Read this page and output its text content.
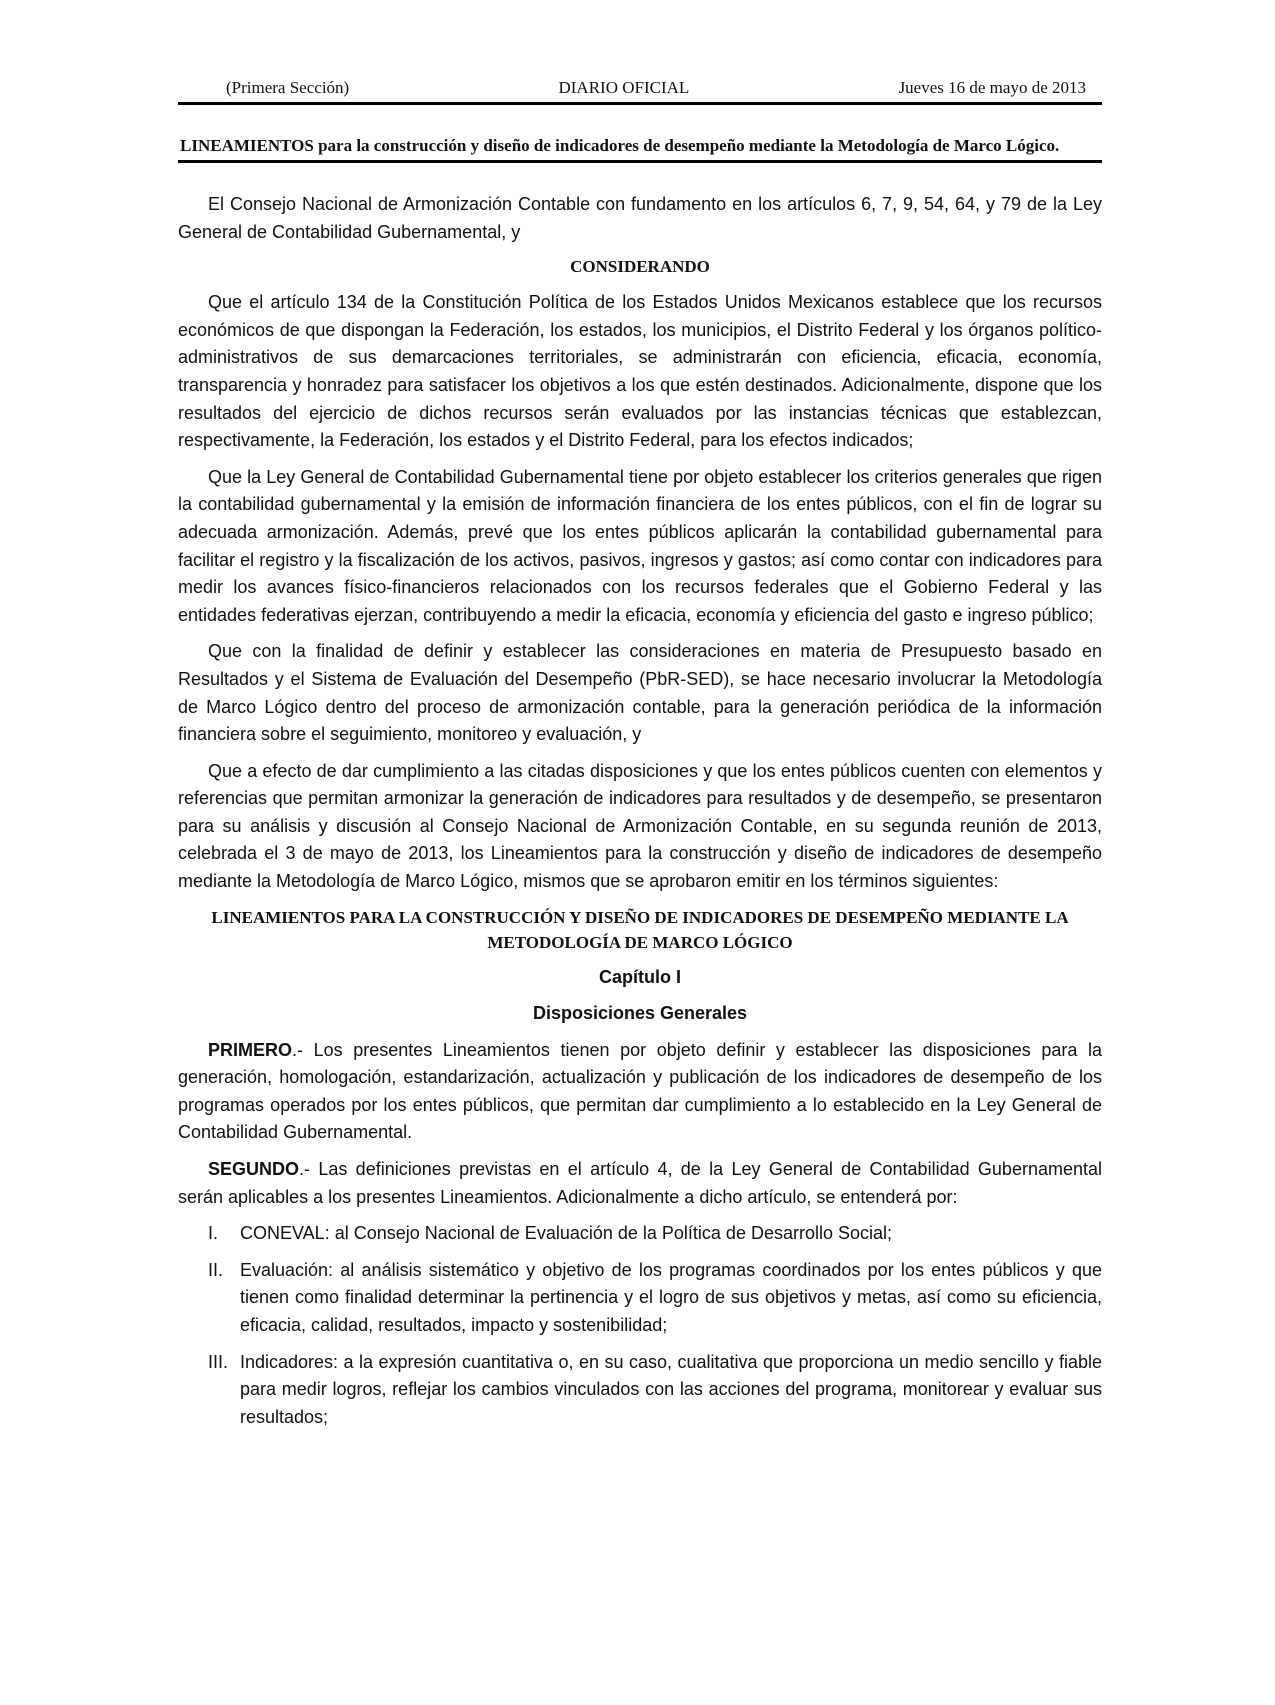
(Primera Sección)	DIARIO OFICIAL	Jueves 16 de mayo de 2013
LINEAMIENTOS para la construcción y diseño de indicadores de desempeño mediante la Metodología de Marco Lógico.

El Consejo Nacional de Armonización Contable con fundamento en los artículos 6, 7, 9, 54, 64, y 79 de la Ley General de Contabilidad Gubernamental, y

CONSIDERANDO

Que el artículo 134 de la Constitución Política de los Estados Unidos Mexicanos establece que los recursos económicos de que dispongan la Federación, los estados, los municipios, el Distrito Federal y los órganos político-administrativos de sus demarcaciones territoriales, se administrarán con eficiencia, eficacia, economía, transparencia y honradez para satisfacer los objetivos a los que estén destinados. Adicionalmente, dispone que los resultados del ejercicio de dichos recursos serán evaluados por las instancias técnicas que establezcan, respectivamente, la Federación, los estados y el Distrito Federal, para los efectos indicados;

Que la Ley General de Contabilidad Gubernamental tiene por objeto establecer los criterios generales que rigen la contabilidad gubernamental y la emisión de información financiera de los entes públicos, con el fin de lograr su adecuada armonización. Además, prevé que los entes públicos aplicarán la contabilidad gubernamental para facilitar el registro y la fiscalización de los activos, pasivos, ingresos y gastos; así como contar con indicadores para medir los avances físico-financieros relacionados con los recursos federales que el Gobierno Federal y las entidades federativas ejerzan, contribuyendo a medir la eficacia, economía y eficiencia del gasto e ingreso público;

Que con la finalidad de definir y establecer las consideraciones en materia de Presupuesto basado en Resultados y el Sistema de Evaluación del Desempeño (PbR-SED), se hace necesario involucrar la Metodología de Marco Lógico dentro del proceso de armonización contable, para la generación periódica de la información financiera sobre el seguimiento, monitoreo y evaluación, y

Que a efecto de dar cumplimiento a las citadas disposiciones y que los entes públicos cuenten con elementos y referencias que permitan armonizar la generación de indicadores para resultados y de desempeño, se presentaron para su análisis y discusión al Consejo Nacional de Armonización Contable, en su segunda reunión de 2013, celebrada el 3 de mayo de 2013, los Lineamientos para la construcción y diseño de indicadores de desempeño mediante la Metodología de Marco Lógico, mismos que se aprobaron emitir en los términos siguientes:

LINEAMIENTOS PARA LA CONSTRUCCIÓN Y DISEÑO DE INDICADORES DE DESEMPEÑO MEDIANTE LA METODOLOGÍA DE MARCO LÓGICO
Capítulo I
Disposiciones Generales

PRIMERO.- Los presentes Lineamientos tienen por objeto definir y establecer las disposiciones para la generación, homologación, estandarización, actualización y publicación de los indicadores de desempeño de los programas operados por los entes públicos, que permitan dar cumplimiento a lo establecido en la Ley General de Contabilidad Gubernamental.

SEGUNDO.- Las definiciones previstas en el artículo 4, de la Ley General de Contabilidad Gubernamental serán aplicables a los presentes Lineamientos. Adicionalmente a dicho artículo, se entenderá por:

I.	CONEVAL: al Consejo Nacional de Evaluación de la Política de Desarrollo Social;
II. Evaluación: al análisis sistemático y objetivo de los programas coordinados por los entes públicos y que tienen como finalidad determinar la pertinencia y el logro de sus objetivos y metas, así como su eficiencia, eficacia, calidad, resultados, impacto y sostenibilidad;
III. Indicadores: a la expresión cuantitativa o, en su caso, cualitativa que proporciona un medio sencillo y fiable para medir logros, reflejar los cambios vinculados con las acciones del programa, monitorear y evaluar sus resultados;
